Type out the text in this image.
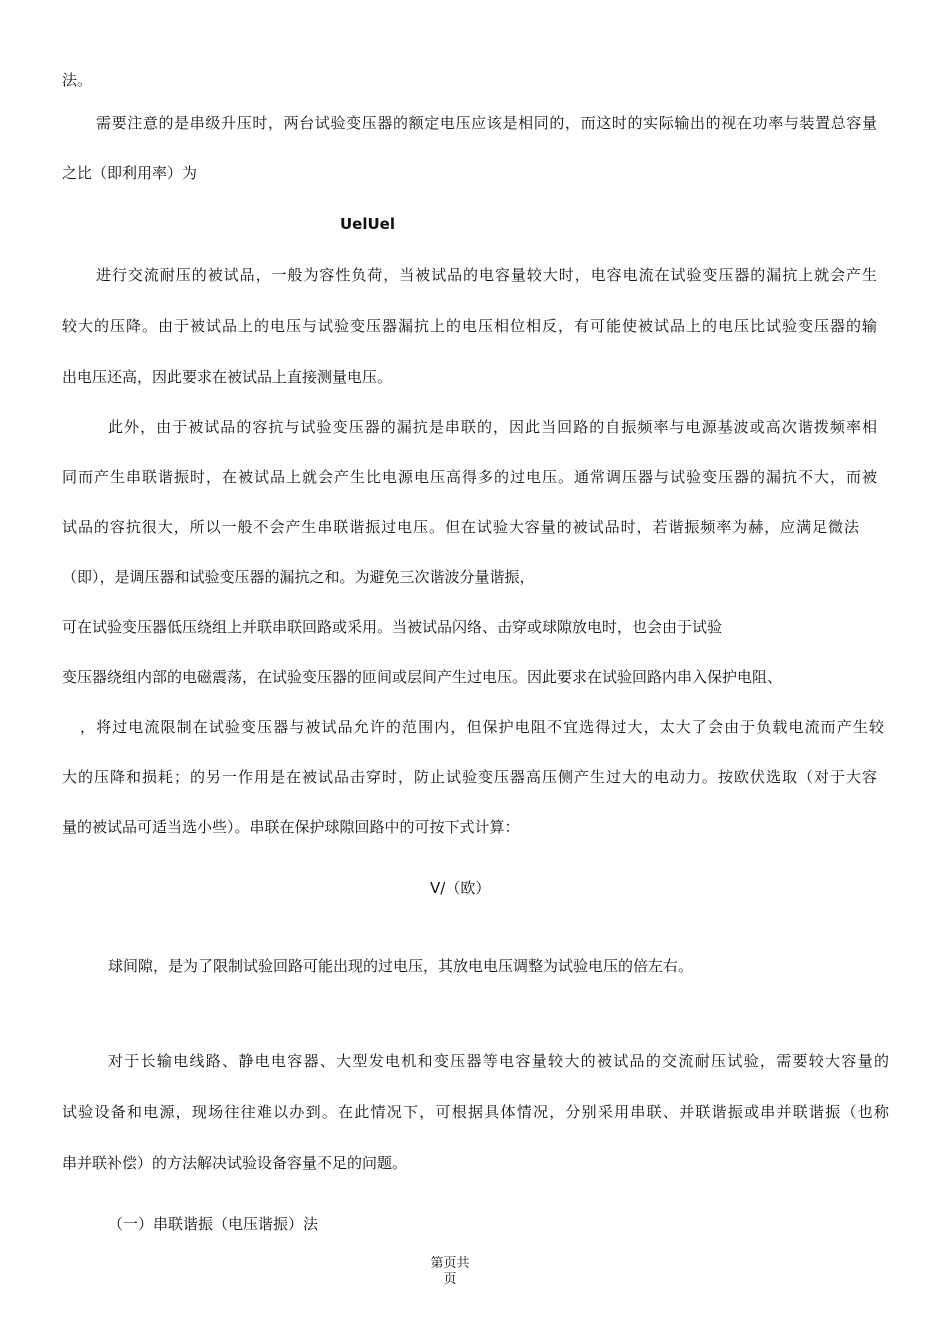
法。

需要注意的是串级升压时，两台试验变压器的额定电压应该是相同的，而这时的实际输出的视在功率与装置总容量

之比（即利用率）为

UelUel

进行交流耐压的被试品，一般为容性负荷，当被试品的电容量较大时，电容电流在试验变压器的漏抗上就会产生

较大的压降。由于被试品上的电压与试验变压器漏抗上的电压相位相反，有可能使被试品上的电压比试验变压器的输

出电压还高，因此要求在被试品上直接测量电压。

此外，由于被试品的容抗与试验变压器的漏抗是串联的，因此当回路的自振频率与电源基波或高次谐拨频率相

同而产生串联谐振时，在被试品上就会产生比电源电压高得多的过电压。通常调压器与试验变压器的漏抗不大，而被

试品的容抗很大，所以一般不会产生串联谐振过电压。但在试验大容量的被试品时，若谐振频率为赫，应满足微法

（即），是调压器和试验变压器的漏抗之和。为避免三次谐波分量谐振，

可在试验变压器低压绕组上并联串联回路或采用。当被试品闪络、击穿或球隙放电时，也会由于试验

变压器绕组内部的电磁震荡，在试验变压器的匝间或层间产生过电压。因此要求在试验回路内串入保护电阻、

，将过电流限制在试验变压器与被试品允许的范围内，但保护电阻不宜选得过大，太大了会由于负载电流而产生较

大的压降和损耗；的另一作用是在被试品击穿时，防止试验变压器高压侧产生过大的电动力。按欧伏选取（对于大容

量的被试品可适当选小些）。串联在保护球隙回路中的可按下式计算：

V/（欧）

球间隙，是为了限制试验回路可能出现的过电压，其放电电压调整为试验电压的倍左右。

对于长输电线路、静电电容器、大型发电机和变压器等电容量较大的被试品的交流耐压试验，需要较大容量的

试验设备和电源，现场往往难以办到。在此情况下，可根据具体情况，分别采用串联、并联谐振或串并联谐振（也称

串并联补偿）的方法解决试验设备容量不足的问题。

（一）串联谐振（电压谐振）法

第页共
页
